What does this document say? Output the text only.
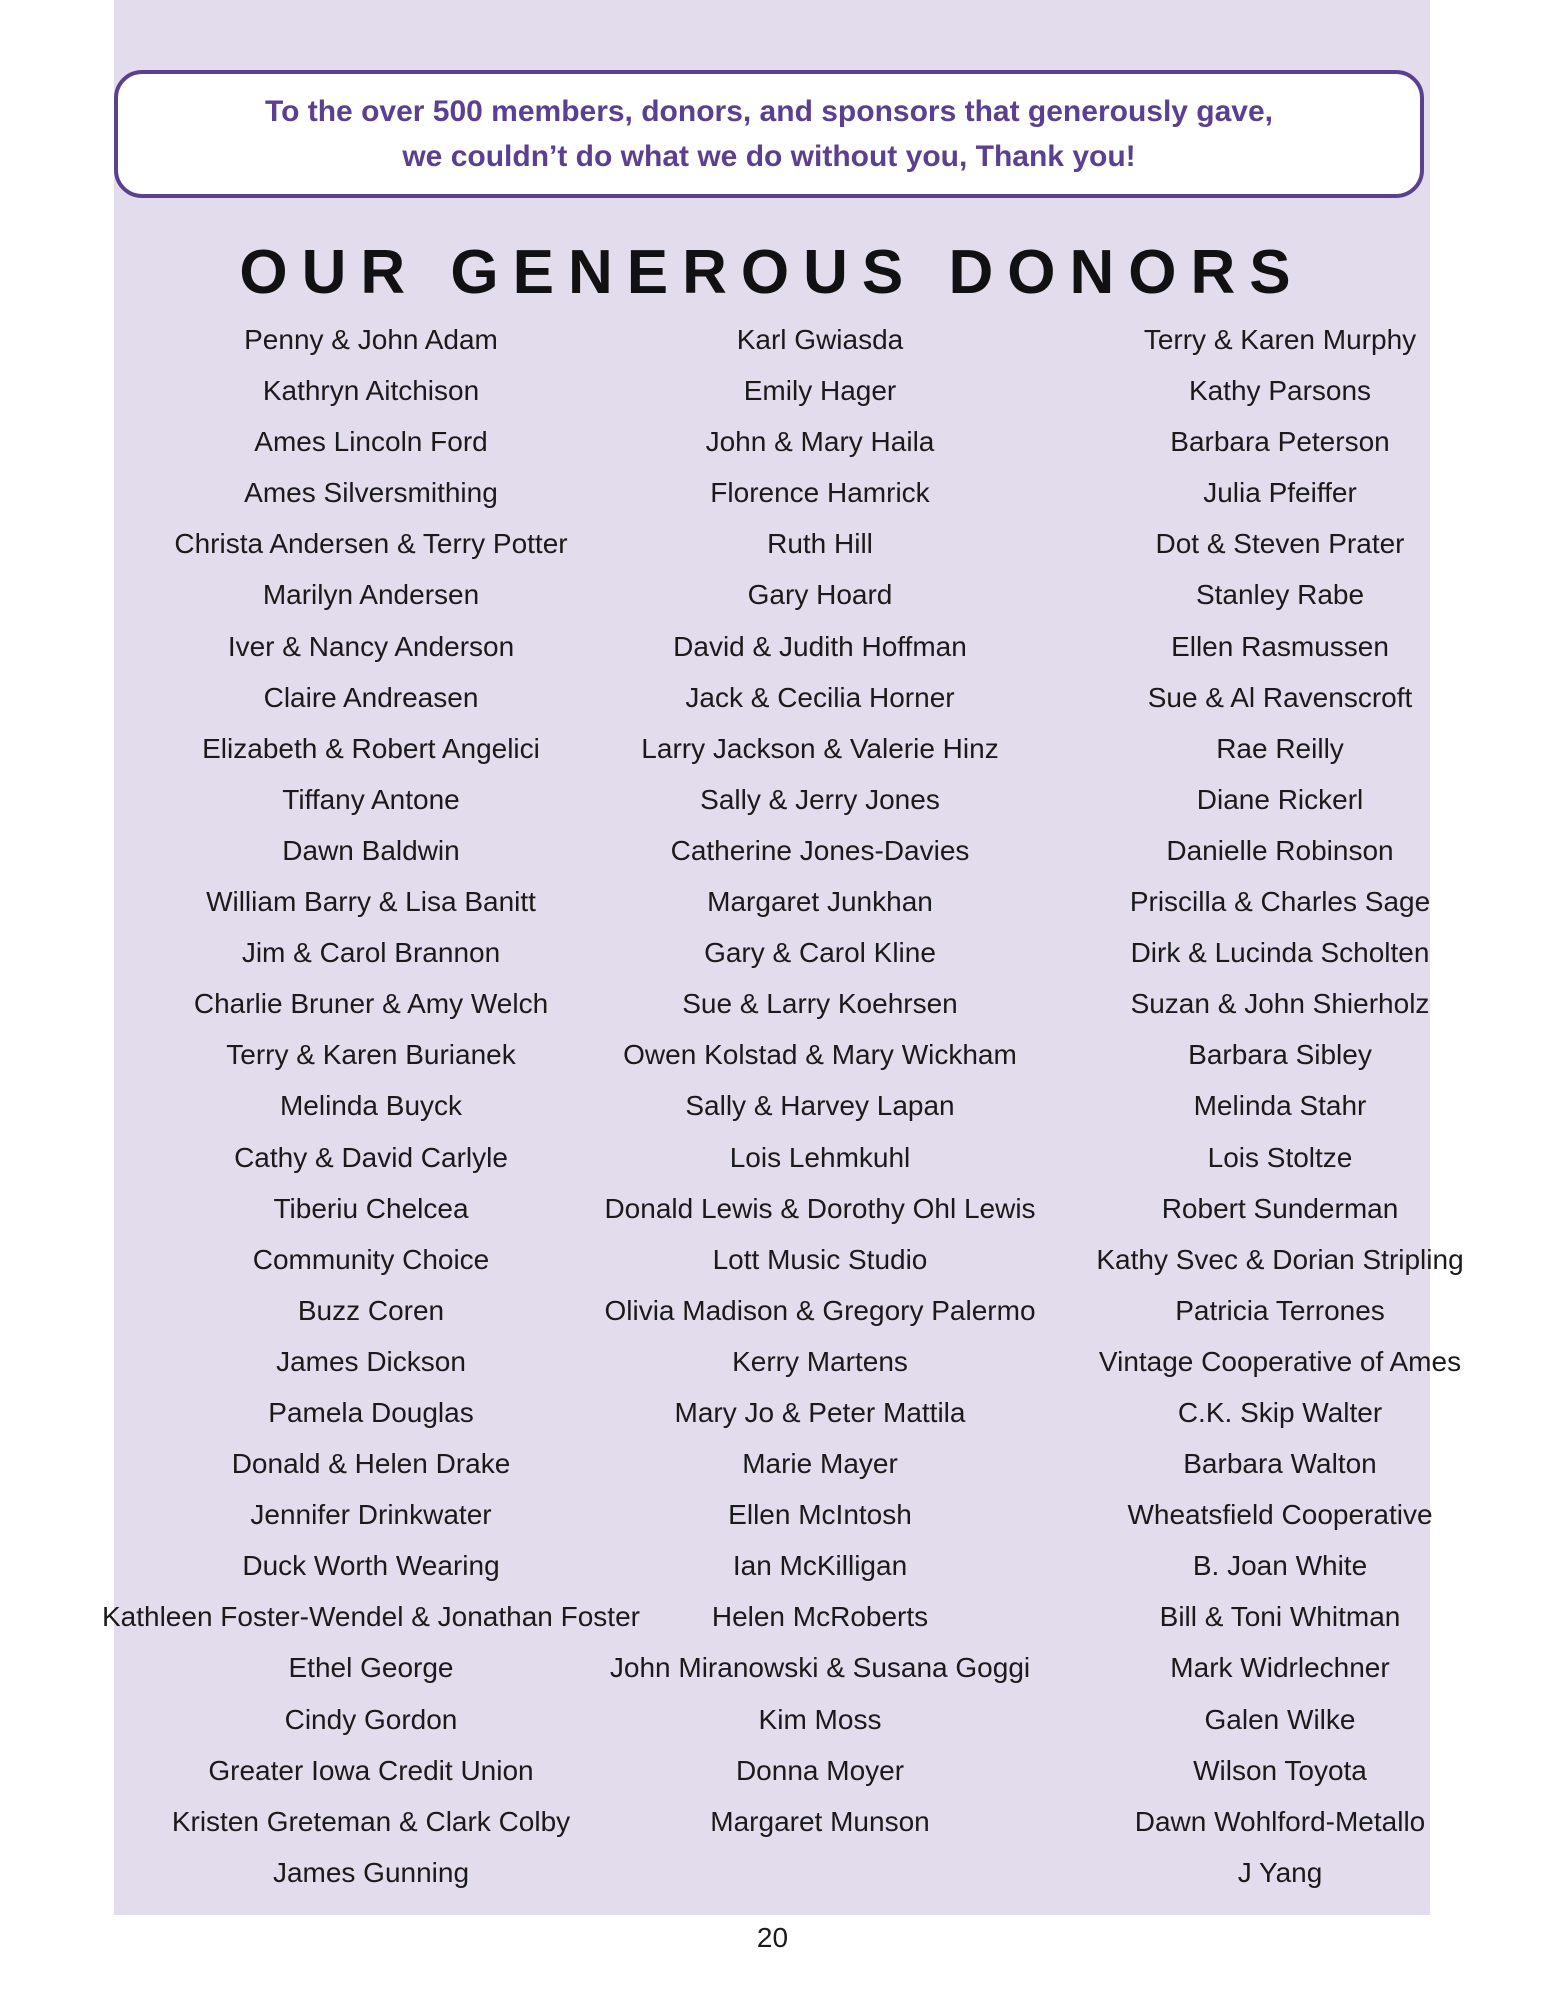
To the over 500 members, donors, and sponsors that generously gave,
we couldn’t do what we do without you, Thank you!
OUR GENEROUS DONORS
Penny & John Adam
Kathryn Aitchison
Ames Lincoln Ford
Ames Silversmithing
Christa Andersen & Terry Potter
Marilyn Andersen
Iver & Nancy Anderson
Claire Andreasen
Elizabeth & Robert Angelici
Tiffany Antone
Dawn Baldwin
William Barry & Lisa Banitt
Jim & Carol Brannon
Charlie Bruner & Amy Welch
Terry & Karen Burianek
Melinda Buyck
Cathy & David Carlyle
Tiberiu Chelcea
Community Choice
Buzz Coren
James Dickson
Pamela Douglas
Donald & Helen Drake
Jennifer Drinkwater
Duck Worth Wearing
Kathleen Foster-Wendel & Jonathan Foster
Ethel George
Cindy Gordon
Greater Iowa Credit Union
Kristen Greteman & Clark Colby
James Gunning
Karl Gwiasda
Emily Hager
John & Mary Haila
Florence Hamrick
Ruth Hill
Gary Hoard
David & Judith Hoffman
Jack & Cecilia Horner
Larry Jackson & Valerie Hinz
Sally & Jerry Jones
Catherine Jones-Davies
Margaret Junkhan
Gary & Carol Kline
Sue & Larry Koehrsen
Owen Kolstad & Mary Wickham
Sally & Harvey Lapan
Lois Lehmkuhl
Donald Lewis & Dorothy Ohl Lewis
Lott Music Studio
Olivia Madison & Gregory Palermo
Kerry Martens
Mary Jo & Peter Mattila
Marie Mayer
Ellen McIntosh
Ian McKilligan
Helen McRoberts
John Miranowski & Susana Goggi
Kim Moss
Donna Moyer
Margaret Munson
Terry & Karen Murphy
Kathy Parsons
Barbara Peterson
Julia Pfeiffer
Dot & Steven Prater
Stanley Rabe
Ellen Rasmussen
Sue & Al Ravenscroft
Rae Reilly
Diane Rickerl
Danielle Robinson
Priscilla & Charles Sage
Dirk & Lucinda Scholten
Suzan & John Shierholz
Barbara Sibley
Melinda Stahr
Lois Stoltze
Robert Sunderman
Kathy Svec & Dorian Stripling
Patricia Terrones
Vintage Cooperative of Ames
C.K. Skip Walter
Barbara Walton
Wheatsfield Cooperative
B. Joan White
Bill & Toni Whitman
Mark Widrlechner
Galen Wilke
Wilson Toyota
Dawn Wohlford-Metallo
J Yang
20
